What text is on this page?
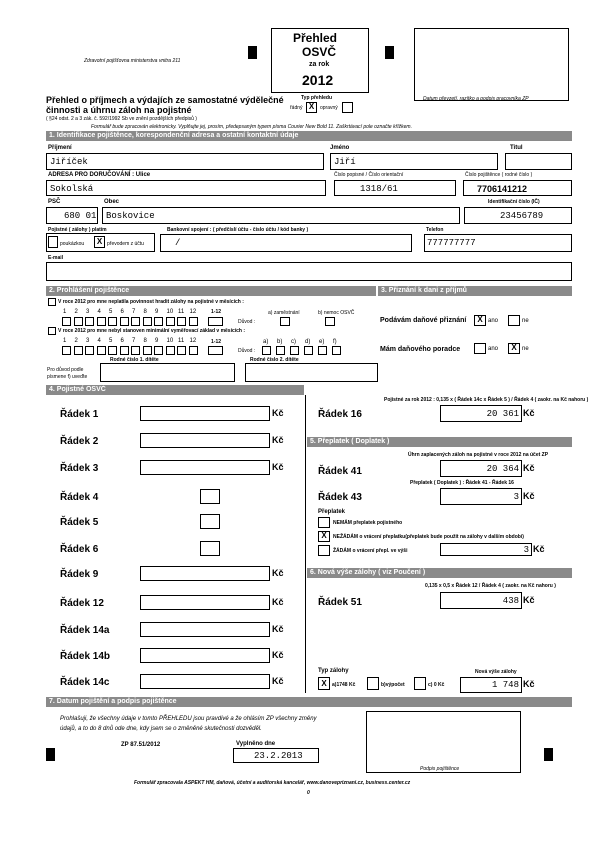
Zdravotní pojišťovna ministerstva vnitra 211
Přehled
OSVČ
za rok
2012
Datum převzetí, razítko a podpis pracovníka ZP
Přehled o příjmech a výdajích ze samostatné výdělečné
činnosti a úhrnu záloh na pojistné
( §24 odst. 2 a 3 zák. č. 592/1992 Sb ve znění pozdějších předpisů )
Typ přehledu
řádný X	opravný
Formulář bude zpracován elektronicky. Vyplňujte jej, prosím, předepsaným typem písma Courier New Bold 11. Zaškrtávací pole označte křížkem.
1. Identifikace pojištěnce, korespondenční adresa a ostatní kontaktní údaje
Příjmení
Jiříček
Jméno
Jiří
Titul
ADRESA PRO DORUČOVÁNÍ : Ulice
Sokolská
Číslo popisné / Číslo orientační
1318/61
Číslo pojištěnce ( rodné číslo )
7706141212
PSČ
680 01
Obec
Boskovice
Identifikační číslo (IČ)
23456789
Pojistné ( zálohy ) platím
poukázkou	X převodem z účtu
Bankovní spojení : ( předčíslí účtu - číslo účtu / kód banky )
/
Telefon
777777777
E-mail
2. Prohlášení pojištěnce	3. Přiznání k dani z příjmů
V roce 2012 pro mne neplatila povinnost hradit zálohy na pojistné v měsících :
1-12
1 2 3 4 5 6 7 8 9 10 11 12
1 2 3 4 5 6 7 8 9 10 11 12
Důvod :
a) zaměstnání	b) nemoc OSVČ
V roce 2012 pro mne nebyl stanoven minimální vyměřovací základ v měsících :
1-12
Důvod :
a) b) c) d) e) f)
Rodné číslo 1. dítěte	Rodné číslo 2. dítěte
Pro důvod podle písmene f) uveďte
Podávám daňové přiznání	X ano	ne
Mám daňového poradce	ano	X ne
4. Pojistné OSVČ
Řádek 1	Kč
Řádek 2	Kč
Řádek 3	Kč
Řádek 4
Řádek 5
Řádek 6
Řádek 9	Kč
Řádek 12	Kč
Řádek 14a	Kč
Řádek 14b	Kč
Řádek 14c	Kč
Pojistné za rok 2012 : 0,135 x ( Řádek 14c x Řádek 5 ) / Řádek 4 ( zaokr. na Kč nahoru )
Řádek 16	20 361 Kč
5. Přeplatek ( Doplatek )
Úhrn zaplacených záloh na pojistné v roce 2012 na účet ZP
Řádek 41	20 364 Kč
Přeplatek ( Doplatek ) : Řádek 41 - Řádek 16
Řádek 43	3 Kč
Přeplatek
NEMÁM přeplatek pojistného
X	NEŽÁDÁM o vrácení přeplatku(přeplatek bude použit na zálohy v dalším období)
ŽÁDÁM o vrácení přepl. ve výši	3 Kč
6. Nová výše zálohy ( viz Poučení )
0,135 x 0,5 x Řádek 12 / Řádek 4 ( zaokr. na Kč nahoru )
Řádek 51	438 Kč
Typ zálohy	Nová výše zálohy
X	a)1748 Kč	b)výpočet	c) 0 Kč	1 748 Kč
7. Datum pojištění a podpis pojištěnce
Prohlašuji, že všechny údaje v tomto PŘEHLEDU jsou pravdivé a že ohlásím ZP všechny změny
údajů, a to do 8 dnů ode dne, kdy jsem se o změněné skutečnosti dozvěděl.
ZP 87.51/2012	Vyplněno dne
23.2.2013
Podpis pojištěnce
Formulář zpracovala ASPEKT HM, daňová, účetní a auditorská kancelář, www.danovepriznani.cz, business.center.cz
0
